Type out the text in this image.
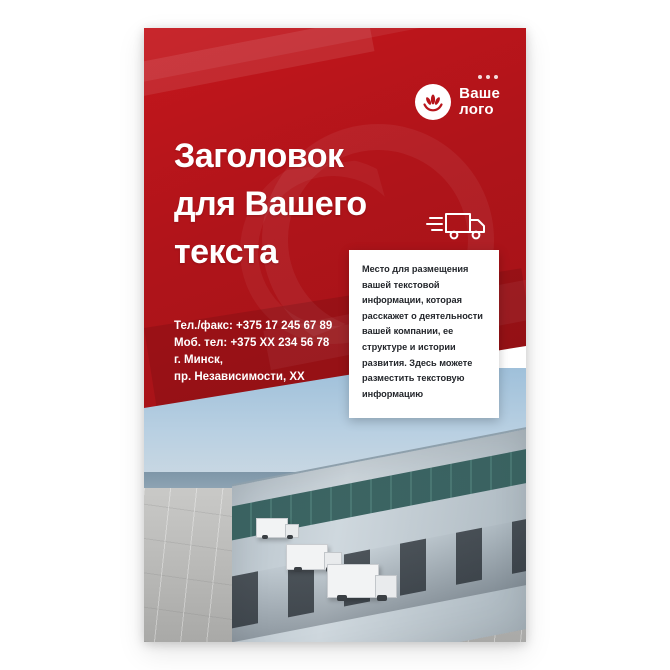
Ваше
лого
Заголовок
для Вашего
текста
Тел./факс: +375 17 245 67 89
Моб. тел: +375 XX 234 56 78
г. Минск,
пр. Независимости, XX

Место для размещения вашей текстовой информации, которая расскажет о деятельности вашей компании, ее структуре и истории развития. Здесь можете разместить текстовую информацию
